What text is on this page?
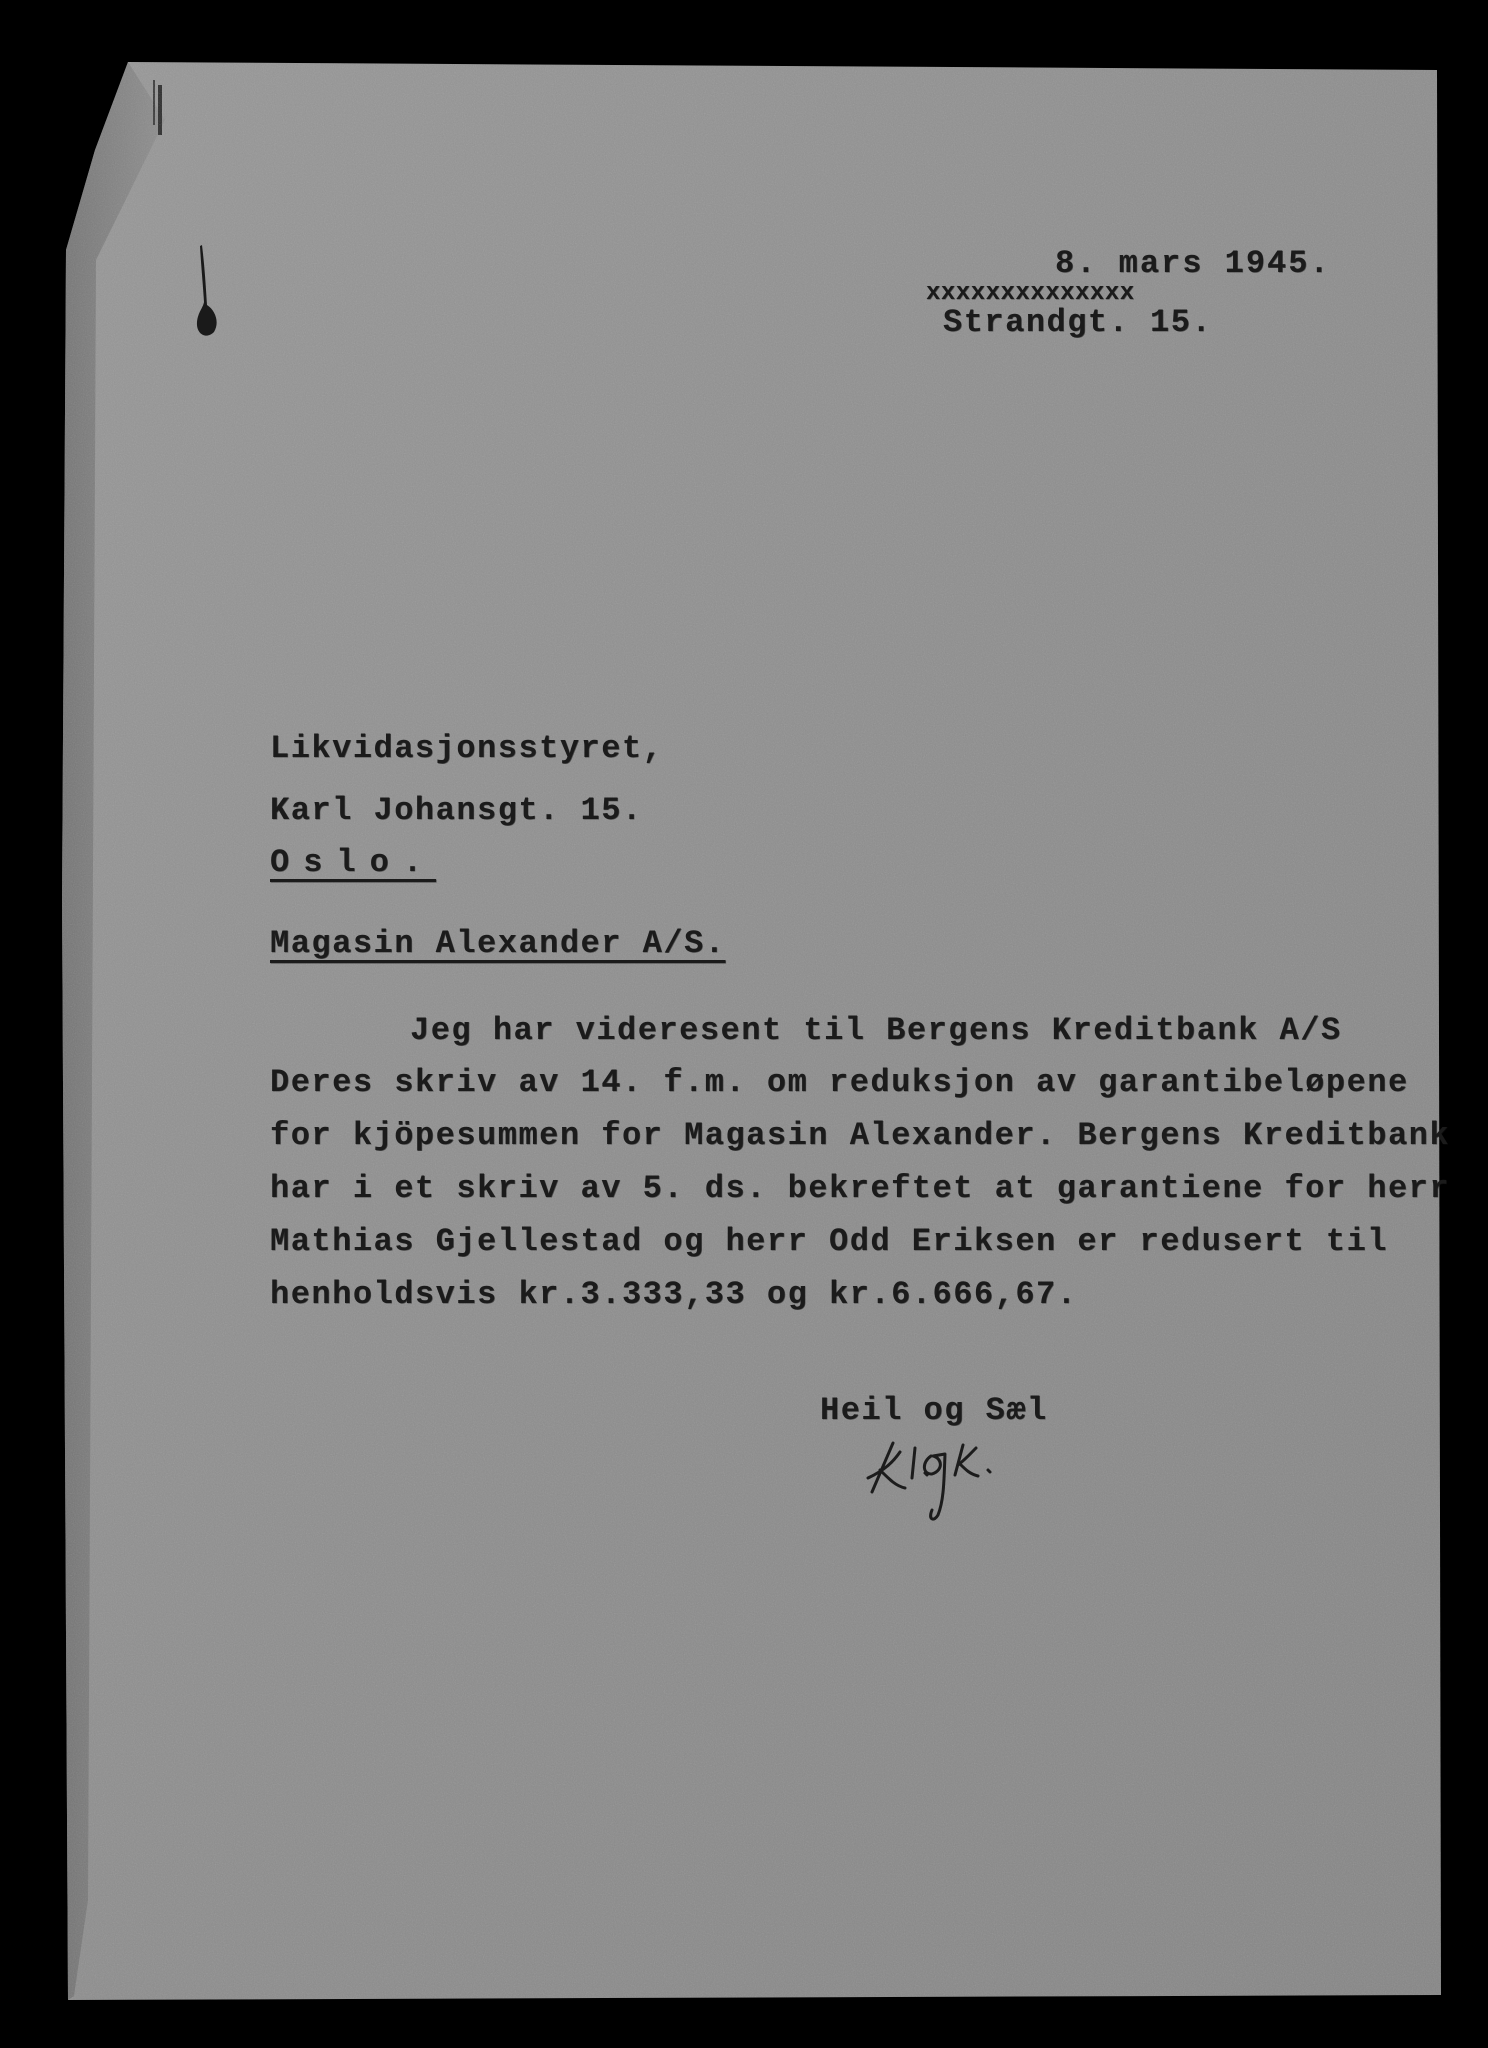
8. mars 1945.
xxxxxxxxxxxxxx
Strandgt. 15.
Likvidasjonsstyret,
Karl Johansgt. 15.
Oslo.
Magasin Alexander A/S.
Jeg har videresent til Bergens Kreditbank A/S
Deres skriv av 14. f.m. om reduksjon av garantibeløpene
for kjöpesummen for Magasin Alexander. Bergens Kreditbank
har i et skriv av 5. ds. bekreftet at garantiene for herr
Mathias Gjellestad og herr Odd Eriksen er redusert til
henholdsvis kr.3.333,33 og kr.6.666,67.
Heil og Sæl
